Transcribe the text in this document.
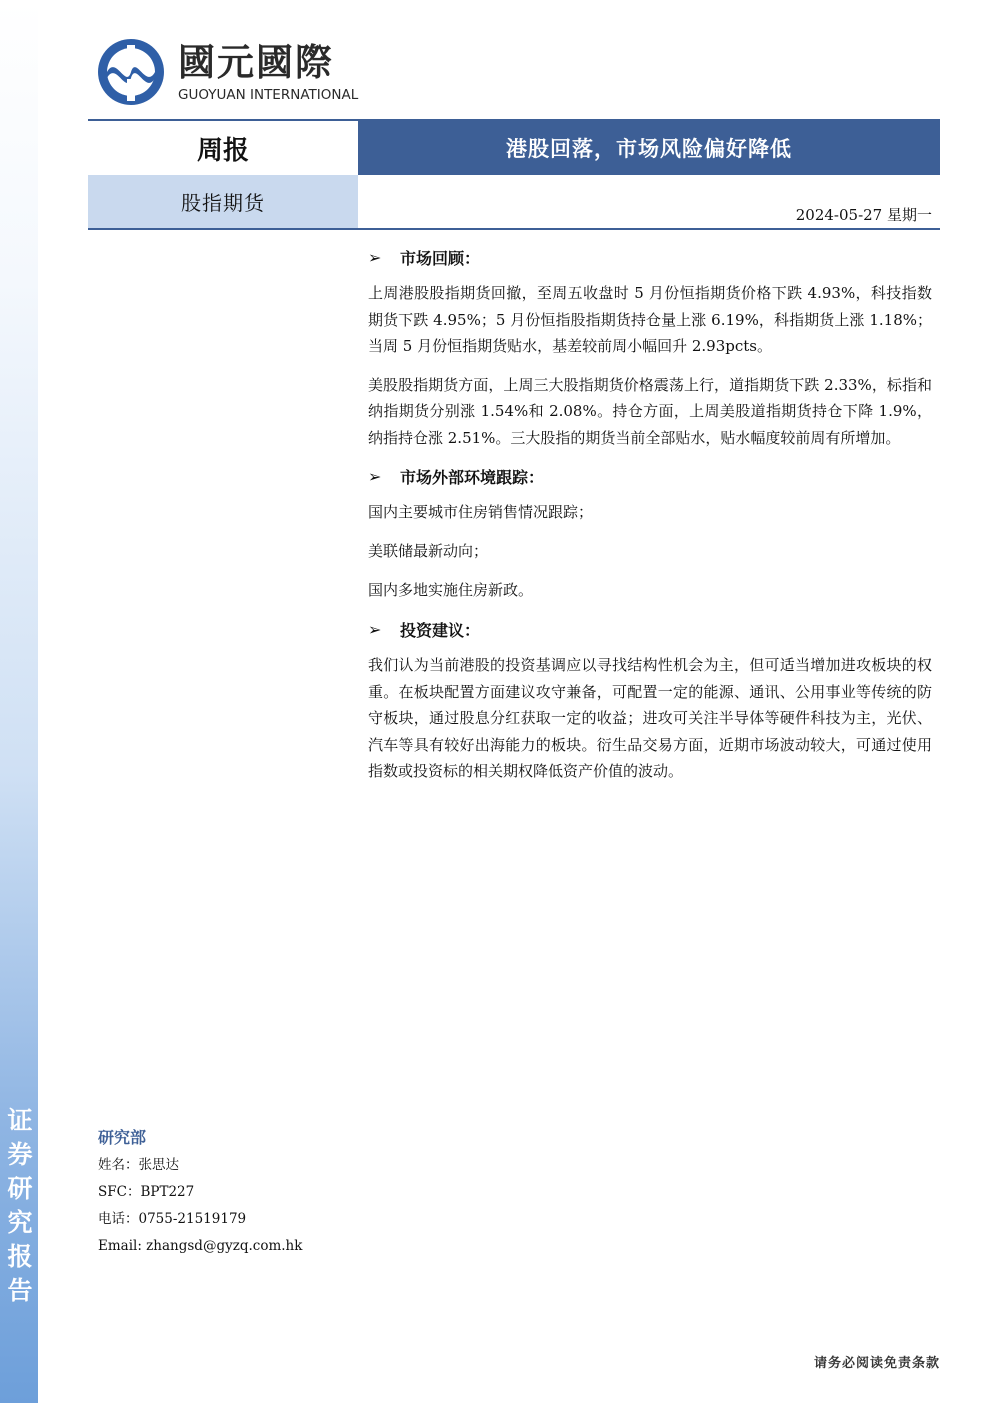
证
券
研
究
报
告
國元國際
GUOYUAN INTERNATIONAL
周报	港股回落，市场风险偏好降低
股指期货	2024-05-27 星期一
➢	市场回顾：

上周港股股指期货回撤，至周五收盘时 5 月份恒指期货价格下跌 4.93%，科技指数期货下跌 4.95%；5 月份恒指股指期货持仓量上涨 6.19%，科指期货上涨 1.18%；当周 5 月份恒指期货贴水，基差较前周小幅回升 2.93pcts。

美股股指期货方面，上周三大股指期货价格震荡上行，道指期货下跌 2.33%，标指和纳指期货分别涨 1.54%和 2.08%。持仓方面，上周美股道指期货持仓下降 1.9%，纳指持仓涨 2.51%。三大股指的期货当前全部贴水，贴水幅度较前周有所增加。

➢	市场外部环境跟踪：

国内主要城市住房销售情况跟踪；

美联储最新动向；

国内多地实施住房新政。

➢	投资建议：

我们认为当前港股的投资基调应以寻找结构性机会为主，但可适当增加进攻板块的权重。在板块配置方面建议攻守兼备，可配置一定的能源、通讯、公用事业等传统的防守板块，通过股息分红获取一定的收益；进攻可关注半导体等硬件科技为主，光伏、汽车等具有较好出海能力的板块。衍生品交易方面，近期市场波动较大，可通过使用指数或投资标的相关期权降低资产价值的波动。

研究部
姓名：张思达
SFC：BPT227
电话：0755-21519179
Email: zhangsd@gyzq.com.hk
请务必阅读免责条款
